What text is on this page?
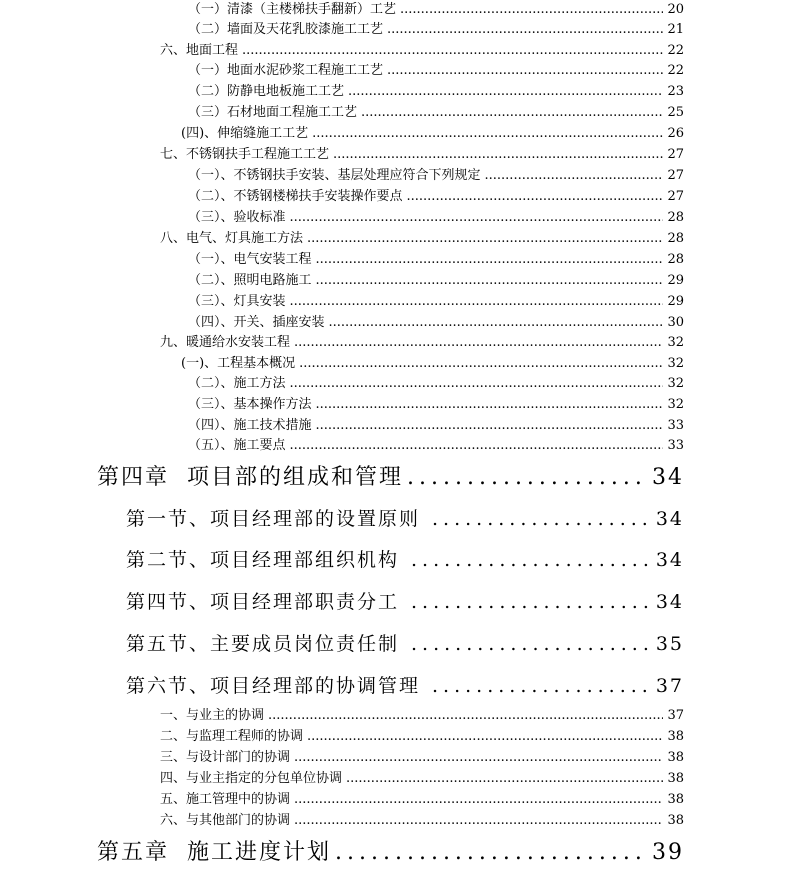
（一）清漆（主楼梯扶手翻新）工艺 .....	20
（二）墙面及天花乳胶漆施工工艺 .....	21
六、地面工程 .....	22
（一）地面水泥砂浆工程施工工艺 .....	22
（二）防静电地板施工工艺 .....	23
（三）石材地面工程施工工艺 .....	25
(四)、伸缩缝施工工艺 .....	26
七、不锈钢扶手工程施工工艺 .....	27
（一）、不锈钢扶手安装、基层处理应符合下列规定 .....	27
（二）、不锈钢楼梯扶手安装操作要点 .....	27
（三）、验收标准 .....	28
八、电气、灯具施工方法 .....	28
（一）、电气安装工程 .....	28
（二）、照明电路施工 .....	29
（三）、灯具安装 .....	29
（四）、开关、插座安装 .....	30
九、暖通给水安装工程 .....	32
(一)、工程基本概况 .....	32
（二）、施工方法 .....	32
（三）、基本操作方法 .....	32
（四）、施工技术措施 .....	33
（五）、施工要点 .....	33
第四章  项目部的组成和管理 .....	34
第一节、项目经理部的设置原则 .....	34
第二节、项目经理部组织机构 .....	34
第四节、项目经理部职责分工 .....	34
第五节、主要成员岗位责任制 .....	35
第六节、项目经理部的协调管理 .....	37
一、与业主的协调 .....	37
二、与监理工程师的协调 .....	38
三、与设计部门的协调 .....	38
四、与业主指定的分包单位协调 .....	38
五、施工管理中的协调 .....	38
六、与其他部门的协调 .....	38
第五章  施工进度计划 .....	39
